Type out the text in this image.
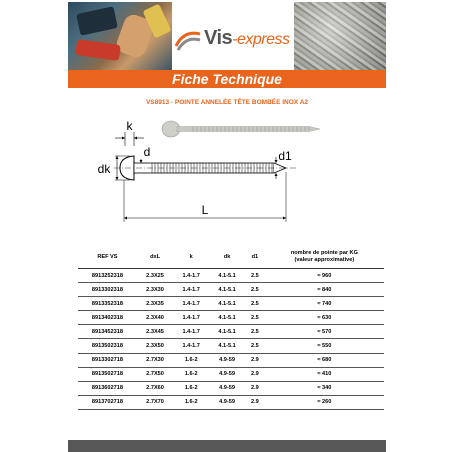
Vis-express
Fiche Technique
VS8913 - POINTE ANNELÉE TÊTE BOMBÉE INOX A2
k
d
dk
d1
L
REF VS	dxL	k	dk	d1	nombre de pointe par KG
(valeur approximative)
8913252318	2.3X25	1.4-1.7	4.1-5.1	2.5	≈ 960
8913302318	2.3X30	1.4-1.7	4.1-5.1	2.5	≈ 840
8913352318	2.3X35	1.4-1.7	4.1-5.1	2.5	≈ 740
8913402318	2.3X40	1.4-1.7	4.1-5.1	2.5	≈ 630
8913452318	2.3X45	1.4-1.7	4.1-5.1	2.5	≈ 570
8913502318	2.3X50	1.4-1.7	4.1-5.1	2.5	≈ 550
8913302718	2.7X30	1.6-2	4.9-59	2.9	≈ 680
8913502718	2.7X50	1.6-2	4.9-59	2.9	≈ 410
8913602718	2.7X60	1.6-2	4.9-59	2.9	≈ 340
8913702718	2.7X70	1.6-2	4.9-59	2.9	≈ 260
